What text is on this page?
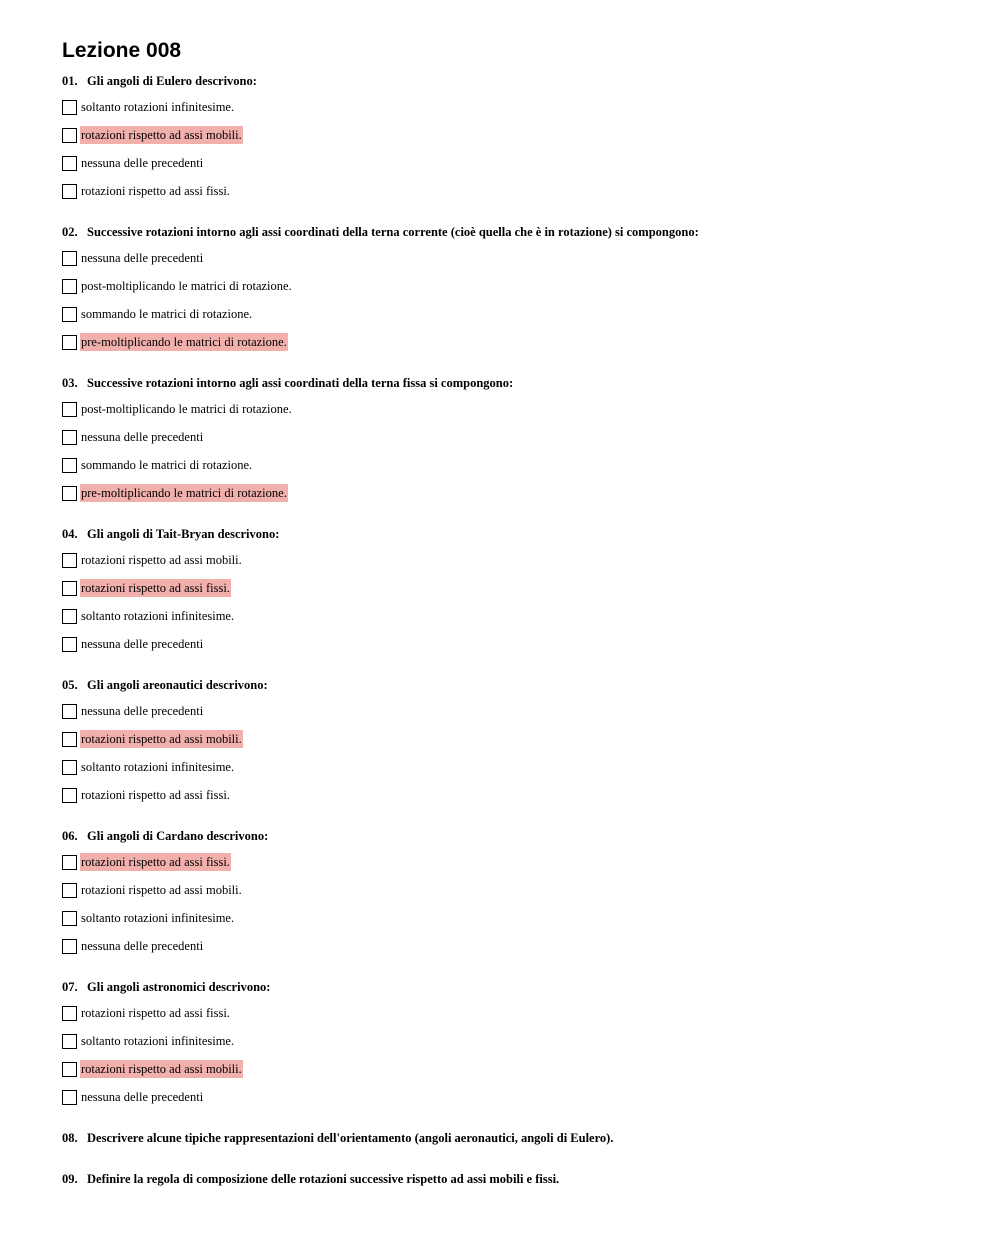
Lezione 008
01. Gli angoli di Eulero descrivono:
soltanto rotazioni infinitesime.
rotazioni rispetto ad assi mobili.
nessuna delle precedenti
rotazioni rispetto ad assi fissi.
02. Successive rotazioni intorno agli assi coordinati della terna corrente (cioè quella che è in rotazione) si compongono:
nessuna delle precedenti
post-moltiplicando le matrici di rotazione.
sommando le matrici di rotazione.
pre-moltiplicando le matrici di rotazione.
03. Successive rotazioni intorno agli assi coordinati della terna fissa si compongono:
post-moltiplicando le matrici di rotazione.
nessuna delle precedenti
sommando le matrici di rotazione.
pre-moltiplicando le matrici di rotazione.
04. Gli angoli di Tait-Bryan descrivono:
rotazioni rispetto ad assi mobili.
rotazioni rispetto ad assi fissi.
soltanto rotazioni infinitesime.
nessuna delle precedenti
05. Gli angoli areonautici descrivono:
nessuna delle precedenti
rotazioni rispetto ad assi mobili.
soltanto rotazioni infinitesime.
rotazioni rispetto ad assi fissi.
06. Gli angoli di Cardano descrivono:
rotazioni rispetto ad assi fissi.
rotazioni rispetto ad assi mobili.
soltanto rotazioni infinitesime.
nessuna delle precedenti
07. Gli angoli astronomici descrivono:
rotazioni rispetto ad assi fissi.
soltanto rotazioni infinitesime.
rotazioni rispetto ad assi mobili.
nessuna delle precedenti
08. Descrivere alcune tipiche rappresentazioni dell'orientamento (angoli aeronautici, angoli di Eulero).
09. Definire la regola di composizione delle rotazioni successive rispetto ad assi mobili e fissi.
